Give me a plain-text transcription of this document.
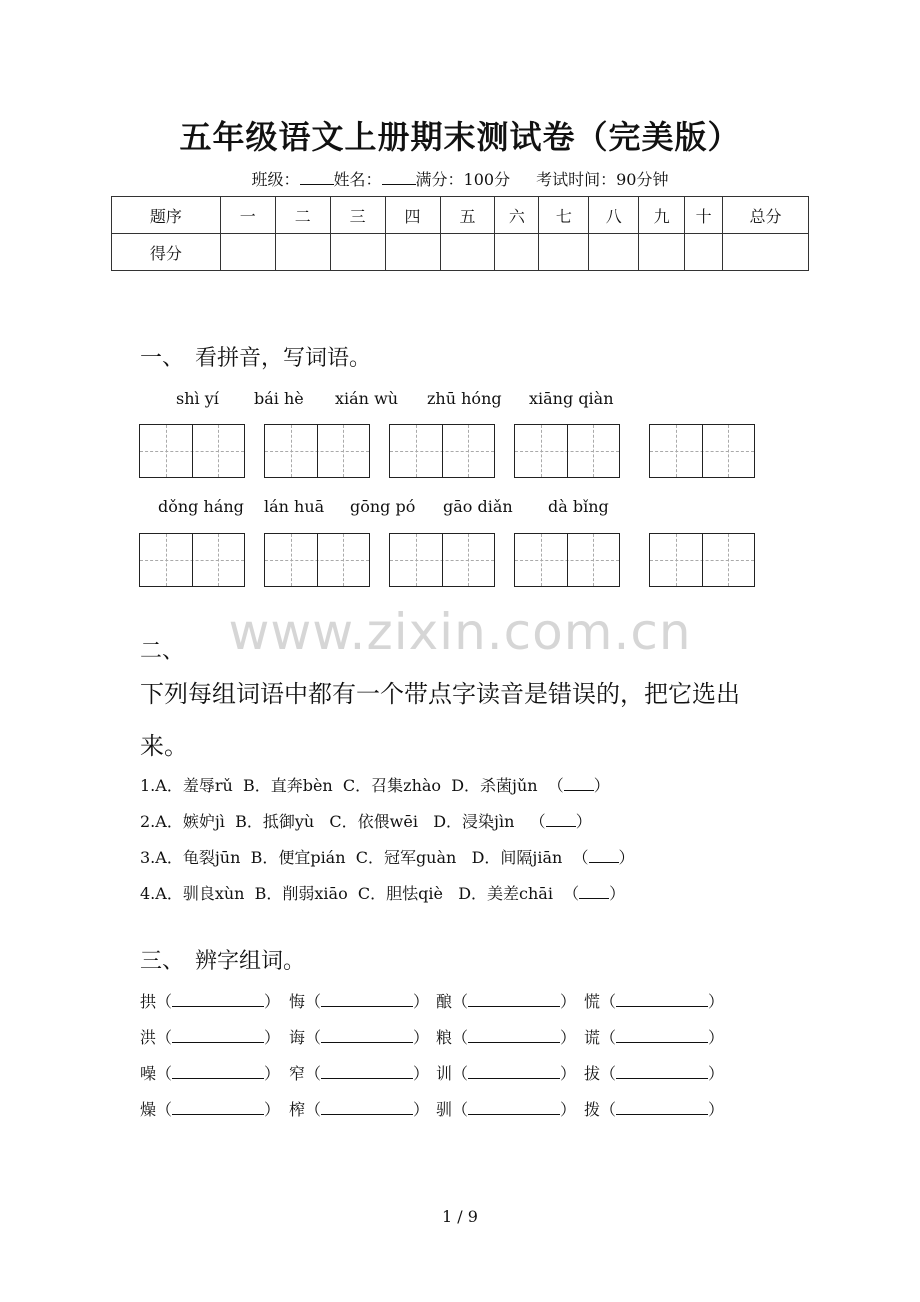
五年级语文上册期末测试卷（完美版）
班级： 姓名： 满分：100分 考试时间：90分钟
题序	一	二	三	四	五	六	七	八	九	十	总分
得分											
一、　看拼音，写词语。
shì yí bái hè xián wù zhū hóng xiāng qiàn
dǒng háng lán huā gōng pó gāo diǎn dà bǐng
www.zixin.com.cn
二、
下列每组词语中都有一个带点字读音是错误的，把它选出来。
1.A．羞辱rǔ  B．直奔bèn  C．召集zhào  D．杀菌jǔn  （ ）
2.A．嫉妒jì  B．抵御yù   C．依偎wēi   D．浸染jìn   （ ）
3.A．龟裂jūn  B．便宜pián  C．冠军guàn   D．间隔jiān  （ ）
4.A．驯良xùn  B．削弱xiāo  C．胆怯qiè   D．美差chāi  （ ）
三、　辨字组词。
拱（	） 悔（	） 酿（	） 慌（	）
洪（	） 诲（	） 粮（	） 谎（	）
噪（	） 窄（	） 训（	） 拔（	）
燥（	） 榨（	） 驯（	） 拨（	）
1 / 9
